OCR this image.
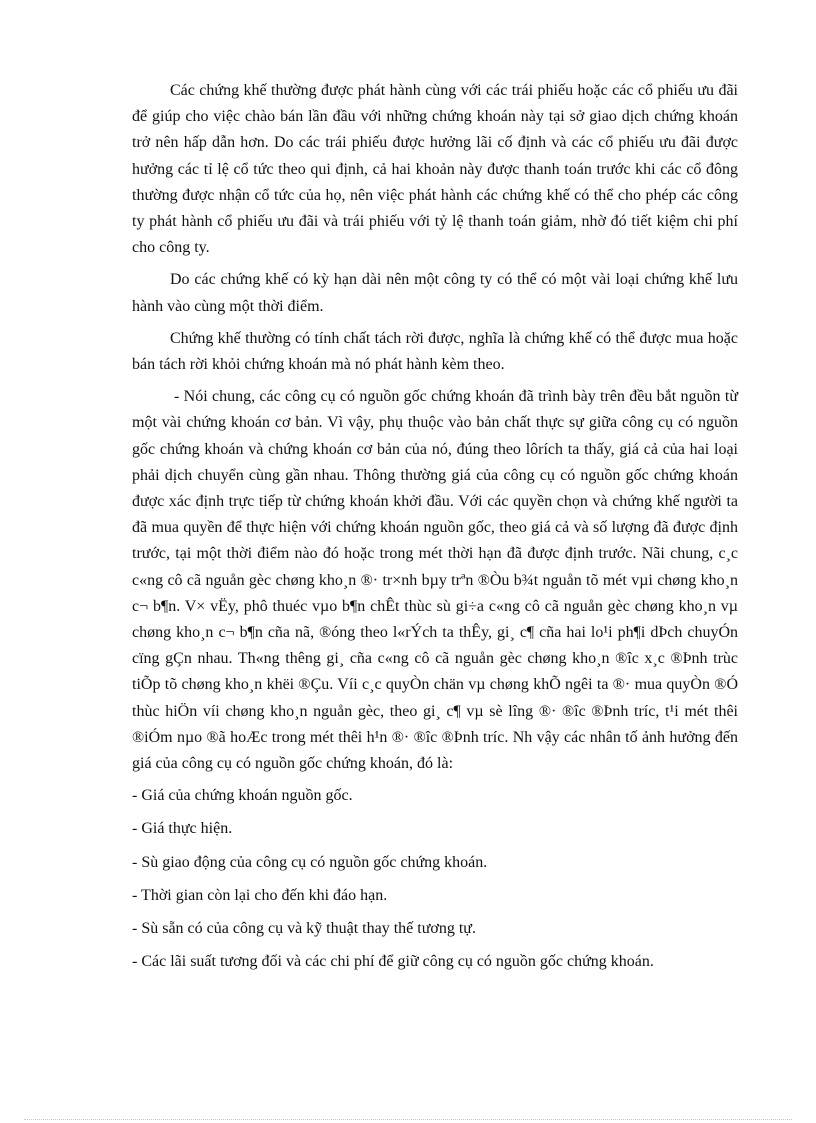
Các chứng khế thường được phát hành cùng với các trái phiếu hoặc các cổ phiếu ưu đãi để giúp cho việc chào bán lần đầu với những chứng khoán này tại sở giao dịch chứng khoán trở nên hấp dẫn hơn. Do các trái phiếu được hưởng lãi cố định và các cổ phiếu ưu đãi được hưởng các tỉ lệ cổ tức theo qui định, cả hai khoản này được thanh toán trước khi các cổ đông thường được nhận cổ tức của họ, nên việc phát hành các chứng khế có thể cho phép các công ty phát hành cổ phiếu ưu đãi và trái phiếu với tỷ lệ thanh toán giảm, nhờ đó tiết kiệm chi phí cho công ty.

Do các chứng khế có kỳ hạn dài nên một công ty có thể có một vài loại chứng khế lưu hành vào cùng một thời điểm.

Chứng khế thường có tính chất tách rời được, nghĩa là chứng khế có thể được mua hoặc bán tách rời khỏi chứng khoán mà nó phát hành kèm theo.

- Nói chung, các công cụ có nguồn gốc chứng khoán đã trình bày trên đều bắt nguồn từ một vài chứng khoán cơ bản. Vì vậy, phụ thuộc vào bản chất thực sự giữa công cụ có nguồn gốc chứng khoán và chứng khoán cơ bản của nó, đúng theo lôrích ta thấy, giá cả của hai loại phải dịch chuyển cùng gần nhau. Thông thường giá của công cụ có nguồn gốc chứng khoán được xác định trực tiếp từ chứng khoán khởi đầu. Với các quyền chọn và chứng khế người ta đã mua quyền để thực hiện với chứng khoán nguồn gốc, theo giá cả và số lượng đã được định trước, tại một thời điểm nào đó hoặc trong mét thời hạn đã được định trước. Nãi chung, c¸c c«ng cô cã nguån gèc chøng kho¸n ®· tr×nh bµy trªn ®Òu b¾t nguån tõ mét vµi chøng kho¸n c¬ b¶n. V× vËy, phô thuéc vµo b¶n chÊt thùc sù gi÷a c«ng cô cã nguån gèc chøng kho¸n vµ chøng kho¸n c¬ b¶n cña nã, ®óng theo l«rÝch ta thÊy, gi¸ c¶ cña hai lo¹i ph¶i dÞch chuyÓn cïng gÇn nhau. Th«ng thêng gi¸ cña c«ng cô cã nguån gèc chøng kho¸n ®îc x¸c ®Þnh trùc tiÕp tõ chøng kho¸n khëi ®Çu. Víi c¸c quyÒn chän vµ chøng khÕ ngêi ta ®· mua quyÒn ®Ó thùc hiÖn víi chøng kho¸n nguån gèc, theo gi¸ c¶ vµ sè lîng ®· ®îc ®Þnh tríc, t¹i mét thêi ®iÓm nµo ®ã hoÆc trong mét thêi h¹n ®· ®îc ®Þnh tríc. Nh vậy các nhân tố ảnh hưởng đến giá của công cụ có nguồn gốc chứng khoán, đó là:

- Giá của chứng khoán nguồn gốc.

- Giá thực hiện.

- Sù giao động của công cụ có nguồn gốc chứng khoán.

- Thời gian còn lại cho đến khi đáo hạn.

- Sù sẵn có của công cụ và kỹ thuật thay thế tương tự.

- Các lãi suất tương đối và các chi phí để giữ công cụ có nguồn gốc chứng khoán.
